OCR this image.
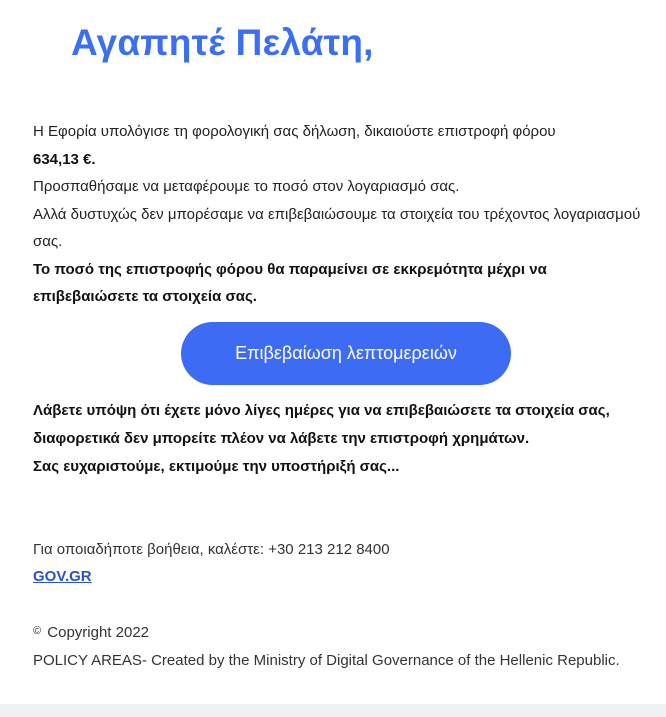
Αγαπητέ Πελάτη,

Η Εφορία υπολόγισε τη φορολογική σας δήλωση, δικαιούστε επιστροφή φόρου

634,13 €.

Προσπαθήσαμε να μεταφέρουμε το ποσό στον λογαριασμό σας.

Αλλά δυστυχώς δεν μπορέσαμε να επιβεβαιώσουμε τα στοιχεία του τρέχοντος λογαριασμού σας.

Το ποσό της επιστροφής φόρου θα παραμείνει σε εκκρεμότητα μέχρι να επιβεβαιώσετε τα στοιχεία σας.

Επιβεβαίωση λεπτομερειών

Λάβετε υπόψη ότι έχετε μόνο λίγες ημέρες για να επιβεβαιώσετε τα στοιχεία σας, διαφορετικά δεν μπορείτε πλέον να λάβετε την επιστροφή χρημάτων.

Σας ευχαριστούμε, εκτιμούμε την υποστήριξή σας...

Για οποιαδήποτε βοήθεια, καλέστε: +30 213 212 8400

GOV.GR

© Copyright 2022

POLICY AREAS- Created by the Ministry of Digital Governance of the Hellenic Republic.
